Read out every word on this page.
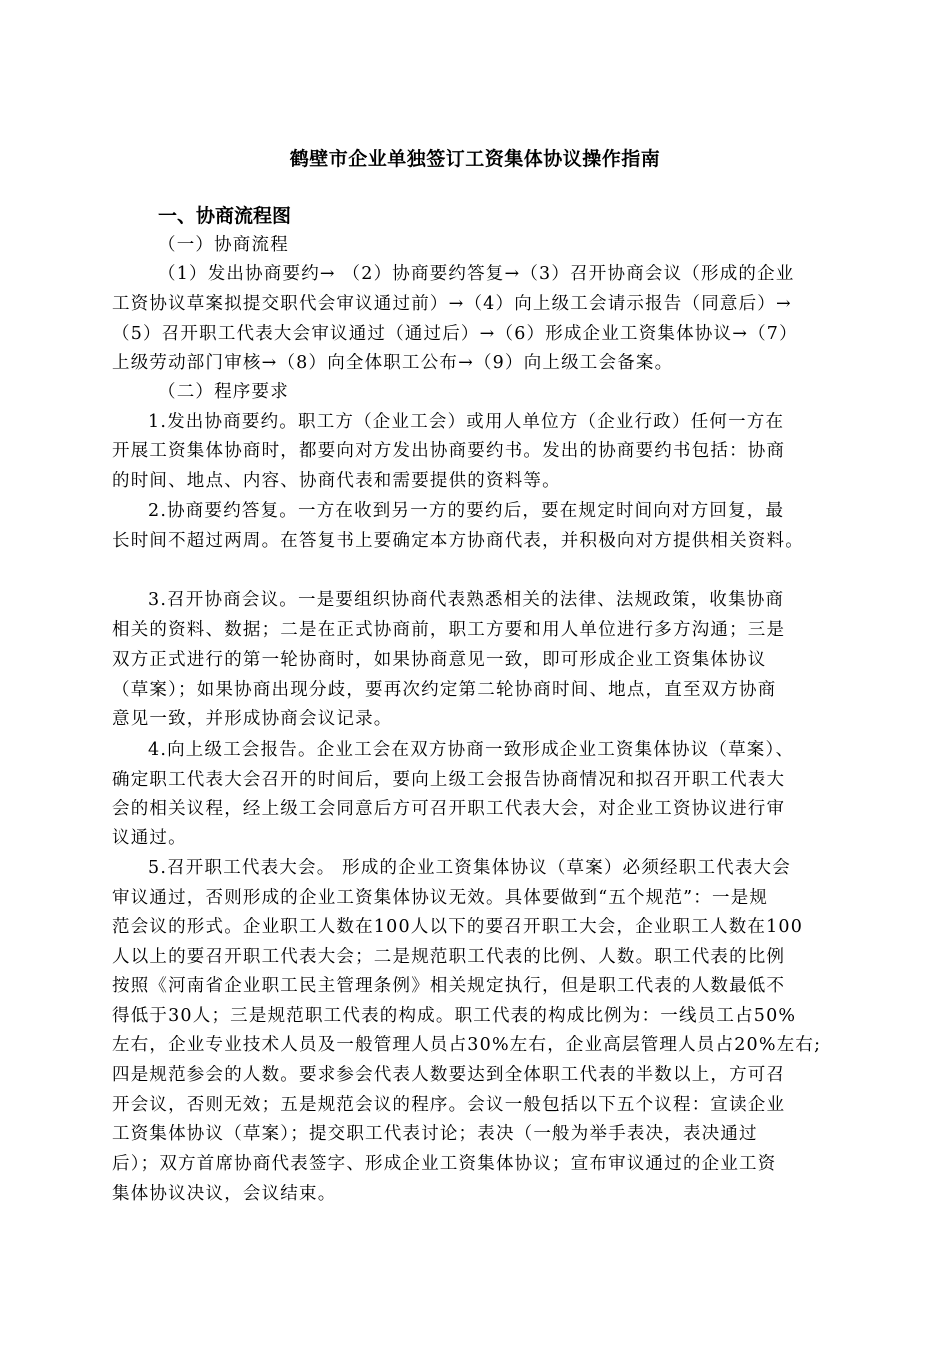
鹤壁市企业单独签订工资集体协议操作指南
一、协商流程图
（一）协商流程
（1）发出协商要约→ （2）协商要约答复→（3）召开协商会议（形成的企业
工资协议草案拟提交职代会审议通过前）→（4）向上级工会请示报告（同意后）→
（5）召开职工代表大会审议通过（通过后）→（6）形成企业工资集体协议→（7）
上级劳动部门审核→（8）向全体职工公布→（9）向上级工会备案。
（二）程序要求
1.发出协商要约。职工方（企业工会）或用人单位方（企业行政）任何一方在
开展工资集体协商时，都要向对方发出协商要约书。发出的协商要约书包括：协商
的时间、地点、内容、协商代表和需要提供的资料等。
2.协商要约答复。一方在收到另一方的要约后，要在规定时间向对方回复，最
长时间不超过两周。在答复书上要确定本方协商代表，并积极向对方提供相关资料。
3.召开协商会议。一是要组织协商代表熟悉相关的法律、法规政策，收集协商
相关的资料、数据；二是在正式协商前，职工方要和用人单位进行多方沟通；三是
双方正式进行的第一轮协商时，如果协商意见一致，即可形成企业工资集体协议
（草案）；如果协商出现分歧，要再次约定第二轮协商时间、地点，直至双方协商
意见一致，并形成协商会议记录。
4.向上级工会报告。企业工会在双方协商一致形成企业工资集体协议（草案）、
确定职工代表大会召开的时间后，要向上级工会报告协商情况和拟召开职工代表大
会的相关议程，经上级工会同意后方可召开职工代表大会，对企业工资协议进行审
议通过。
5.召开职工代表大会。 形成的企业工资集体协议（草案）必须经职工代表大会
审议通过，否则形成的企业工资集体协议无效。具体要做到“五个规范”：一是规
范会议的形式。企业职工人数在100人以下的要召开职工大会，企业职工人数在100
人以上的要召开职工代表大会；二是规范职工代表的比例、人数。职工代表的比例
按照《河南省企业职工民主管理条例》相关规定执行，但是职工代表的人数最低不
得低于30人；三是规范职工代表的构成。职工代表的构成比例为：一线员工占50%
左右，企业专业技术人员及一般管理人员占30%左右，企业高层管理人员占20%左右;
四是规范参会的人数。要求参会代表人数要达到全体职工代表的半数以上，方可召
开会议，否则无效；五是规范会议的程序。会议一般包括以下五个议程：宣读企业
工资集体协议（草案）；提交职工代表讨论；表决（一般为举手表决，表决通过
后）；双方首席协商代表签字、形成企业工资集体协议；宣布审议通过的企业工资
集体协议决议，会议结束。
